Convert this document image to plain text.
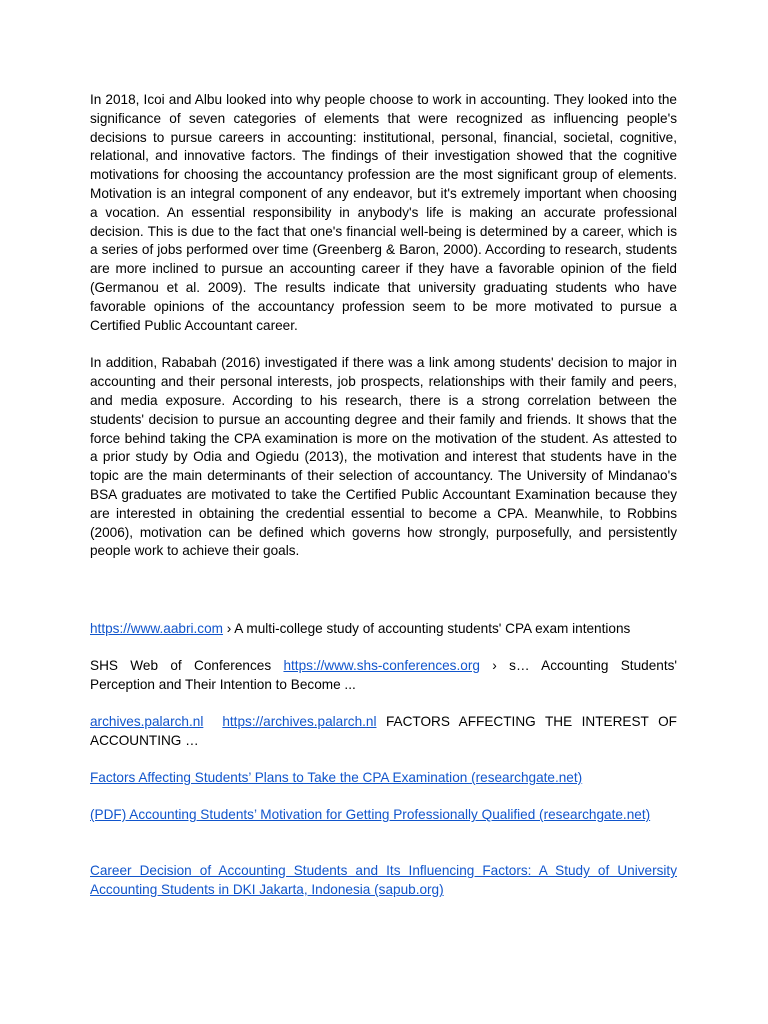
In 2018, Icoi and Albu looked into why people choose to work in accounting. They looked into the significance of seven categories of elements that were recognized as influencing people's decisions to pursue careers in accounting: institutional, personal, financial, societal, cognitive, relational, and innovative factors. The findings of their investigation showed that the cognitive motivations for choosing the accountancy profession are the most significant group of elements. Motivation is an integral component of any endeavor, but it's extremely important when choosing a vocation. An essential responsibility in anybody's life is making an accurate professional decision. This is due to the fact that one's financial well-being is determined by a career, which is a series of jobs performed over time (Greenberg & Baron, 2000). According to research, students are more inclined to pursue an accounting career if they have a favorable opinion of the field (Germanou et al. 2009). The results indicate that university graduating students who have favorable opinions of the accountancy profession seem to be more motivated to pursue a Certified Public Accountant career.

In addition, Rababah (2016) investigated if there was a link among students' decision to major in accounting and their personal interests, job prospects, relationships with their family and peers, and media exposure. According to his research, there is a strong correlation between the students' decision to pursue an accounting degree and their family and friends. It shows that the force behind taking the CPA examination is more on the motivation of the student. As attested to a prior study by Odia and Ogiedu (2013), the motivation and interest that students have in the topic are the main determinants of their selection of accountancy. The University of Mindanao's BSA graduates are motivated to take the Certified Public Accountant Examination because they are interested in obtaining the credential essential to become a CPA. Meanwhile, to Robbins (2006), motivation can be defined which governs how strongly, purposefully, and persistently people work to achieve their goals.

https://www.aabri.com › A multi-college study of accounting students' CPA exam intentions

SHS Web of Conferences https://www.shs-conferences.org › s… Accounting Students' Perception and Their Intention to Become ...

archives.palarch.nl https://archives.palarch.nl FACTORS AFFECTING THE INTEREST OF ACCOUNTING …

Factors Affecting Students’ Plans to Take the CPA Examination (researchgate.net)

(PDF) Accounting Students’ Motivation for Getting Professionally Qualified (researchgate.net)

Career Decision of Accounting Students and Its Influencing Factors: A Study of University Accounting Students in DKI Jakarta, Indonesia (sapub.org)
